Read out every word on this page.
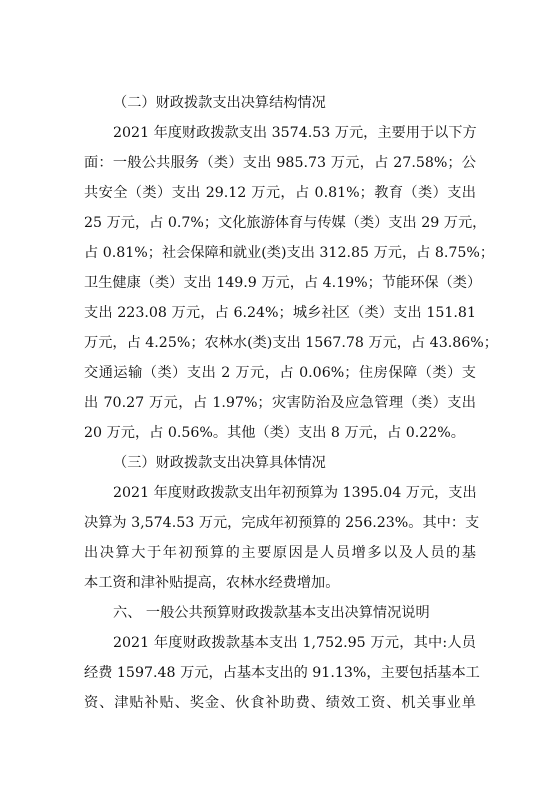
（二）财政拨款支出决算结构情况
2021 年度财政拨款支出 3574.53 万元，主要用于以下方
面：一般公共服务（类）支出 985.73 万元，占 27.58%；公
共安全（类）支出 29.12 万元，占 0.81%；教育（类）支出
25 万元，占 0.7%；文化旅游体育与传媒（类）支出 29 万元，
占 0.81%；社会保障和就业(类)支出 312.85 万元，占 8.75%；
卫生健康（类）支出 149.9 万元，占 4.19%；节能环保（类）
支出 223.08 万元，占 6.24%；城乡社区（类）支出 151.81
万元，占 4.25%；农林水(类)支出 1567.78 万元，占 43.86%；
交通运输（类）支出 2 万元，占 0.06%；住房保障（类）支
出 70.27 万元，占 1.97%；灾害防治及应急管理（类）支出
20 万元，占 0.56%。其他（类）支出 8 万元，占 0.22%。
（三）财政拨款支出决算具体情况
2021 年度财政拨款支出年初预算为 1395.04 万元，支出
决算为 3,574.53 万元，完成年初预算的 256.23%。其中：支
出决算大于年初预算的主要原因是人员增多以及人员的基
本工资和津补贴提高，农林水经费增加。
六、 一般公共预算财政拨款基本支出决算情况说明
2021 年度财政拨款基本支出 1,752.95 万元，其中:人员
经费 1597.48 万元，占基本支出的 91.13%，主要包括基本工
资、津贴补贴、奖金、伙食补助费、绩效工资、机关事业单
